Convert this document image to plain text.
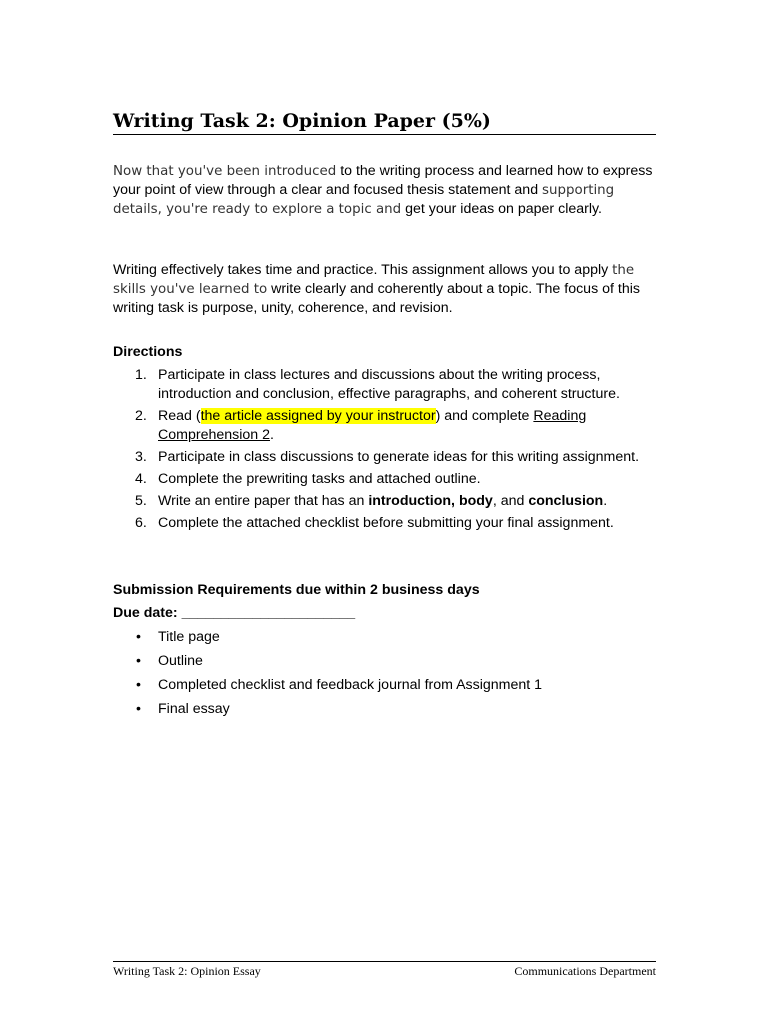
Writing Task 2: Opinion Paper (5%)

Now that you've been introduced to the writing process and learned how to express your point of view through a clear and focused thesis statement and supporting details, you're ready to explore a topic and get your ideas on paper clearly.

Writing effectively takes time and practice. This assignment allows you to apply the skills you've learned to write clearly and coherently about a topic. The focus of this writing task is purpose, unity, coherence, and revision.

Directions

1. Participate in class lectures and discussions about the writing process, introduction and conclusion, effective paragraphs, and coherent structure.
2. Read (the article assigned by your instructor) and complete Reading Comprehension 2.
3. Participate in class discussions to generate ideas for this writing assignment.
4. Complete the prewriting tasks and attached outline.
5. Write an entire paper that has an introduction, body, and conclusion.
6. Complete the attached checklist before submitting your final assignment.

Submission Requirements due within 2 business days

Due date: ______________________

• Title page
• Outline
• Completed checklist and feedback journal from Assignment 1
• Final essay

Writing Task 2: Opinion Essay	Communications Department
